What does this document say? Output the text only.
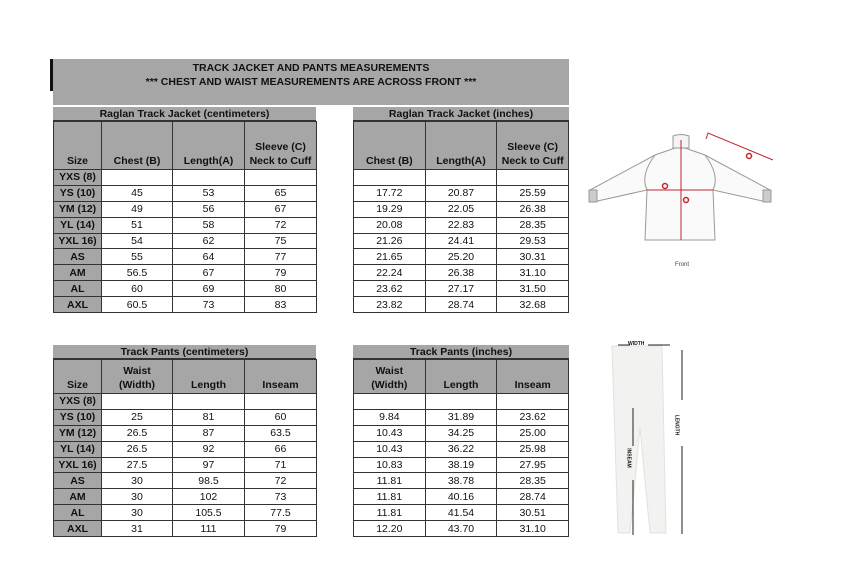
TRACK JACKET AND PANTS MEASUREMENTS
*** CHEST AND WAIST MEASUREMENTS ARE ACROSS FRONT ***
Raglan Track Jacket (centimeters)
Size	Chest (B)	Length(A)	Sleeve (C)
Neck to Cuff
YXS (8)			
YS (10)	45	53	65
YM (12)	49	56	67
YL (14)	51	58	72
YXL 16)	54	62	75
AS	55	64	77
AM	56.5	67	79
AL	60	69	80
AXL	60.5	73	83
Raglan Track Jacket (inches)
Chest (B)	Length(A)	Sleeve (C)
Neck to Cuff

17.72	20.87	25.59
19.29	22.05	26.38
20.08	22.83	28.35
21.26	24.41	29.53
21.65	25.20	30.31
22.24	26.38	31.10
23.62	27.17	31.50
23.82	28.74	32.68
Track Pants (centimeters)
Size	Waist
(Width)	Length	Inseam
YXS (8)			
YS (10)	25	81	60
YM (12)	26.5	87	63.5
YL (14)	26.5	92	66
YXL 16)	27.5	97	71
AS	30	98.5	72
AM	30	102	73
AL	30	105.5	77.5
AXL	31	111	79
Track Pants (inches)
Waist
(Width)	Length	Inseam

9.84	31.89	23.62
10.43	34.25	25.00
10.43	36.22	25.98
10.83	38.19	27.95
11.81	38.78	28.35
11.81	40.16	28.74
11.81	41.54	30.51
12.20	43.70	31.10
Front
WIDTH
LENGTH
INSEAM
